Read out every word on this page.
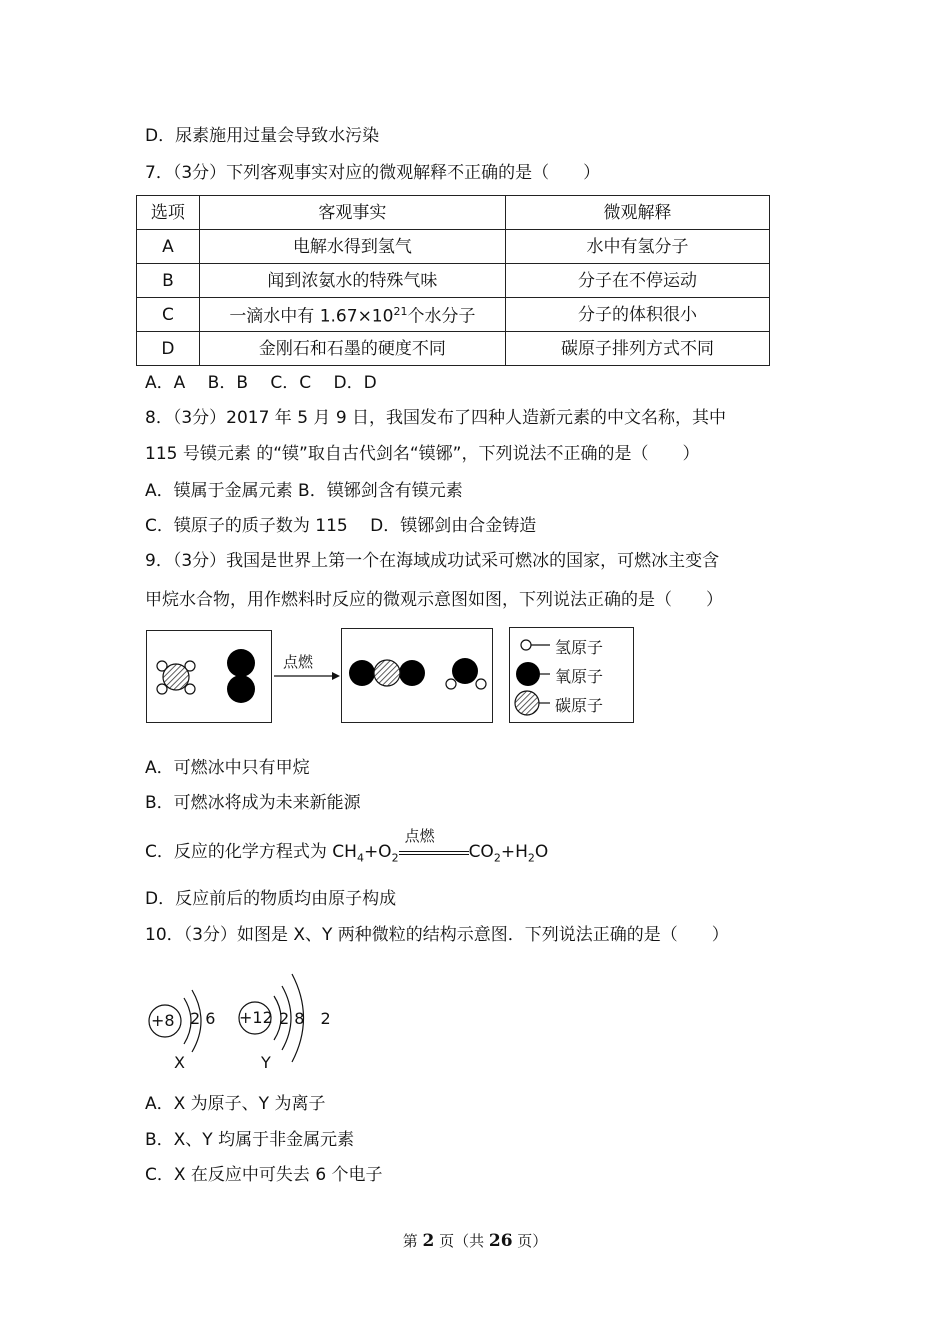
D．尿素施用过量会导致水污染
7．（3分）下列客观事实对应的微观解释不正确的是（　　）
选项	客观事实	微观解释
A	电解水得到氢气	水中有氢分子
B	闻到浓氨水的特殊气味	分子在不停运动
C	一滴水中有 $1.67\times 10^{21}$个水分子	分子的体积很小
D	金刚石和石墨的硬度不同	碳原子排列方式不同
A．A　 B．B　 C．C　 D．D
8．（3分）2017 年 5 月 9 日，我国发布了四种人造新元素的中文名称，其中
115 号镆元素 的“镆”取自古代剑名“镆铘”，下列说法不正确的是（　　）
A．镆属于金属元素 B．镆铘剑含有镆元素
C．镆原子的质子数为 115　 D．镆铘剑由合金铸造
9．（3分）我国是世界上第一个在海域成功试采可燃冰的国家，可燃冰主变含
甲烷水合物，用作燃料时反应的微观示意图如图，下列说法正确的是（　　）
点燃
氢原子
氧原子
碳原子
A．可燃冰中只有甲烷
B．可燃冰将成为未来新能源
C．反应的化学方程式为 $CH_4+O_2$
点燃
$CO_2+H_2O$
D．反应前后的物质均由原子构成
10．（3分）如图是 X、Y 两种微粒的结构示意图．下列说法正确的是（　　）
+8 2 6
X
+12 2 8　2
Y
A．X 为原子、Y 为离子
B．X、Y 均属于非金属元素
C．X 在反应中可失去 6 个电子
第 2 页（共 26 页）
